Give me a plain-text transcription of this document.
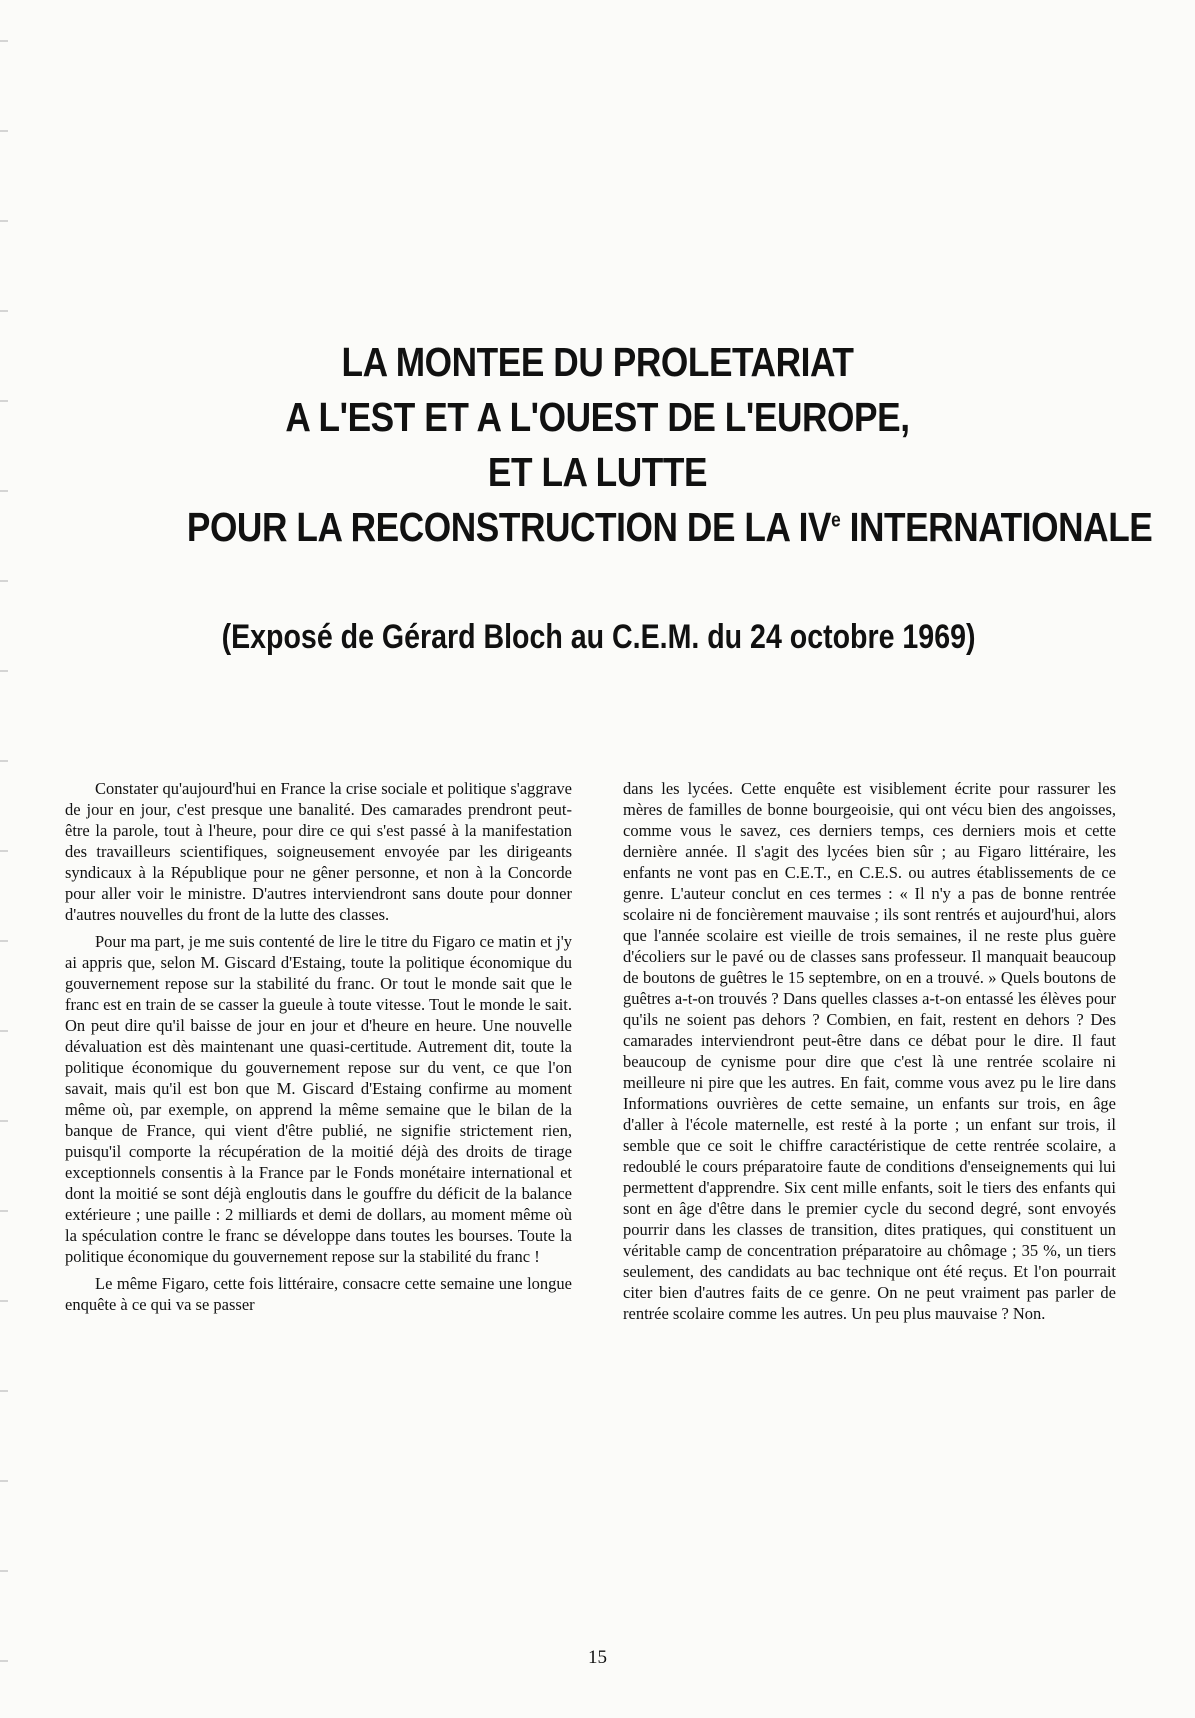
LA MONTEE DU PROLETARIAT
A L'EST ET A L'OUEST DE L'EUROPE,
ET LA LUTTE
POUR LA RECONSTRUCTION DE LA IVe INTERNATIONALE
(Exposé de Gérard Bloch au C.E.M. du 24 octobre 1969)

Constater qu'aujourd'hui en France la crise sociale et politique s'aggrave de jour en jour, c'est presque une banalité. Des camarades prendront peut-être la parole, tout à l'heure, pour dire ce qui s'est passé à la manifestation des travailleurs scientifiques, soigneusement envoyée par les dirigeants syndicaux à la République pour ne gêner personne, et non à la Concorde pour aller voir le ministre. D'autres interviendront sans doute pour donner d'autres nouvelles du front de la lutte des classes.

Pour ma part, je me suis contenté de lire le titre du Figaro ce matin et j'y ai appris que, selon M. Giscard d'Estaing, toute la politique économique du gouvernement repose sur la stabilité du franc. Or tout le monde sait que le franc est en train de se casser la gueule à toute vitesse. Tout le monde le sait. On peut dire qu'il baisse de jour en jour et d'heure en heure. Une nouvelle dévaluation est dès maintenant une quasi-certitude. Autrement dit, toute la politique économique du gouvernement repose sur du vent, ce que l'on savait, mais qu'il est bon que M. Giscard d'Estaing confirme au moment même où, par exemple, on apprend la même semaine que le bilan de la banque de France, qui vient d'être publié, ne signifie strictement rien, puisqu'il comporte la récupération de la moitié déjà des droits de tirage exceptionnels consentis à la France par le Fonds monétaire international et dont la moitié se sont déjà engloutis dans le gouffre du déficit de la balance extérieure ; une paille : 2 milliards et demi de dollars, au moment même où la spéculation contre le franc se développe dans toutes les bourses. Toute la politique économique du gouvernement repose sur la stabilité du franc !

Le même Figaro, cette fois littéraire, consacre cette semaine une longue enquête à ce qui va se passer

dans les lycées. Cette enquête est visiblement écrite pour rassurer les mères de familles de bonne bourgeoisie, qui ont vécu bien des angoisses, comme vous le savez, ces derniers temps, ces derniers mois et cette dernière année. Il s'agit des lycées bien sûr ; au Figaro littéraire, les enfants ne vont pas en C.E.T., en C.E.S. ou autres établissements de ce genre. L'auteur conclut en ces termes : « Il n'y a pas de bonne rentrée scolaire ni de foncièrement mauvaise ; ils sont rentrés et aujourd'hui, alors que l'année scolaire est vieille de trois semaines, il ne reste plus guère d'écoliers sur le pavé ou de classes sans professeur. Il manquait beaucoup de boutons de guêtres le 15 septembre, on en a trouvé. » Quels boutons de guêtres a-t-on trouvés ? Dans quelles classes a-t-on entassé les élèves pour qu'ils ne soient pas dehors ? Combien, en fait, restent en dehors ? Des camarades interviendront peut-être dans ce débat pour le dire. Il faut beaucoup de cynisme pour dire que c'est là une rentrée scolaire ni meilleure ni pire que les autres. En fait, comme vous avez pu le lire dans Informations ouvrières de cette semaine, un enfants sur trois, en âge d'aller à l'école maternelle, est resté à la porte ; un enfant sur trois, il semble que ce soit le chiffre caractéristique de cette rentrée scolaire, a redoublé le cours préparatoire faute de conditions d'enseignements qui lui permettent d'apprendre. Six cent mille enfants, soit le tiers des enfants qui sont en âge d'être dans le premier cycle du second degré, sont envoyés pourrir dans les classes de transition, dites pratiques, qui constituent un véritable camp de concentration préparatoire au chômage ; 35 %, un tiers seulement, des candidats au bac technique ont été reçus. Et l'on pourrait citer bien d'autres faits de ce genre. On ne peut vraiment pas parler de rentrée scolaire comme les autres. Un peu plus mauvaise ? Non.

15
